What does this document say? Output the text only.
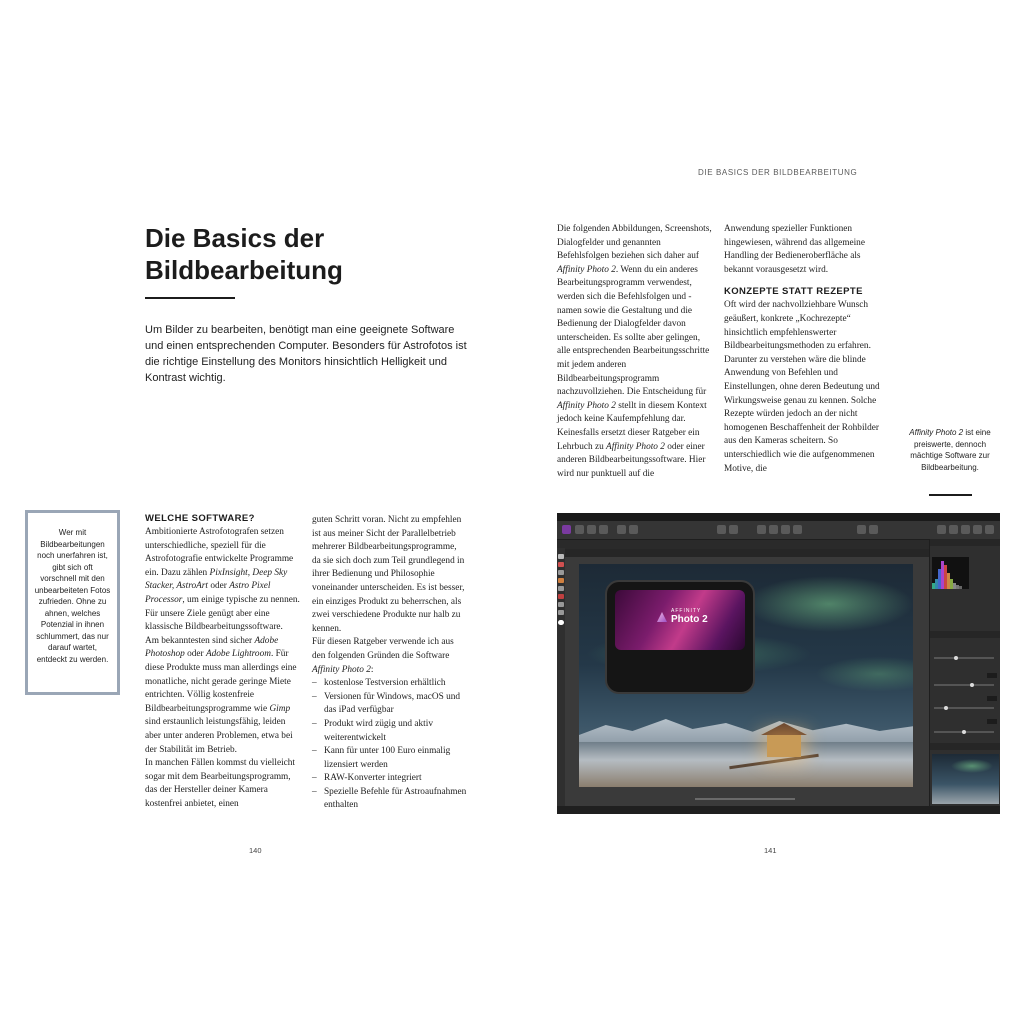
DIE BASICS DER BILDBEARBEITUNG
Die Basics der
Bildbearbeitung
Um Bilder zu bearbeiten, benötigt man eine geeignete Software und einen entsprechenden Computer. Besonders für Astrofotos ist die richtige Einstellung des Monitors hinsichtlich Helligkeit und Kontrast wichtig.
Wer mit Bildbearbeitungen noch unerfahren ist, gibt sich oft vorschnell mit den unbearbeiteten Fotos zufrieden. Ohne zu ahnen, welches Potenzial in ihnen schlummert, das nur darauf wartet, entdeckt zu werden.
WELCHE SOFTWARE?

Ambitionierte Astrofotografen setzen unterschiedliche, speziell für die Astrofotografie entwickelte Programme ein. Dazu zählen PixInsight, Deep Sky Stacker, AstroArt oder Astro Pixel Processor, um einige typische zu nennen. Für unsere Ziele genügt aber eine klassische Bildbearbeitungssoftware.

Am bekanntesten sind sicher Adobe Photoshop oder Adobe Lightroom. Für diese Produkte muss man allerdings eine monatliche, nicht gerade geringe Miete entrichten. Völlig kostenfreie Bildbearbeitungsprogramme wie Gimp sind erstaunlich leistungsfähig, leiden aber unter anderen Problemen, etwa bei der Stabilität im Betrieb.

In manchen Fällen kommst du vielleicht sogar mit dem Bearbeitungsprogramm, das der Hersteller deiner Kamera kostenfrei anbietet, einen

guten Schritt voran. Nicht zu empfehlen ist aus meiner Sicht der Parallelbetrieb mehrerer Bildbearbeitungsprogramme, da sie sich doch zum Teil grundlegend in ihrer Bedienung und Philosophie voneinander unterscheiden. Es ist besser, ein einziges Produkt zu beherrschen, als zwei verschiedene Produkte nur halb zu kennen.

Für diesen Ratgeber verwende ich aus den folgenden Gründen die Software Affinity Photo 2:

– kostenlose Testversion erhältlich
– Versionen für Windows, macOS und das iPad verfügbar
– Produkt wird zügig und aktiv weiterentwickelt
– Kann für unter 100 Euro einmalig lizensiert werden
– RAW-Konverter integriert
– Spezielle Befehle für Astroaufnahmen enthalten

Die folgenden Abbildungen, Screenshots, Dialogfelder und genannten Befehlsfolgen beziehen sich daher auf Affinity Photo 2. Wenn du ein anderes Bearbeitungsprogramm verwendest, werden sich die Befehlsfolgen und -namen sowie die Gestaltung und die Bedienung der Dialogfelder davon unterscheiden. Es sollte aber gelingen, alle entsprechenden Bearbeitungsschritte mit jedem anderen Bildbearbeitungsprogramm nachzuvollziehen. Die Entscheidung für Affinity Photo 2 stellt in diesem Kontext jedoch keine Kaufempfehlung dar.

Keinesfalls ersetzt dieser Ratgeber ein Lehrbuch zu Affinity Photo 2 oder einer anderen Bildbearbeitungssoftware. Hier wird nur punktuell auf die

Anwendung spezieller Funktionen hingewiesen, während das allgemeine Handling der Bedieneroberfläche als bekannt vorausgesetzt wird.

KONZEPTE STATT REZEPTE

Oft wird der nachvollziehbare Wunsch geäußert, konkrete „Kochrezepte“ hinsichtlich empfehlenswerter Bildbearbeitungsmethoden zu erfahren. Darunter zu verstehen wäre die blinde Anwendung von Befehlen und Einstellungen, ohne deren Bedeutung und Wirkungsweise genau zu kennen. Solche Rezepte würden jedoch an der nicht homogenen Beschaffenheit der Rohbilder aus den Kameras scheitern. So unterschiedlich wie die aufgenommenen Motive, die

Affinity Photo 2 ist eine preiswerte, dennoch mächtige Software zur Bildbearbeitung.
AFFINITY
Photo 2
140	141
